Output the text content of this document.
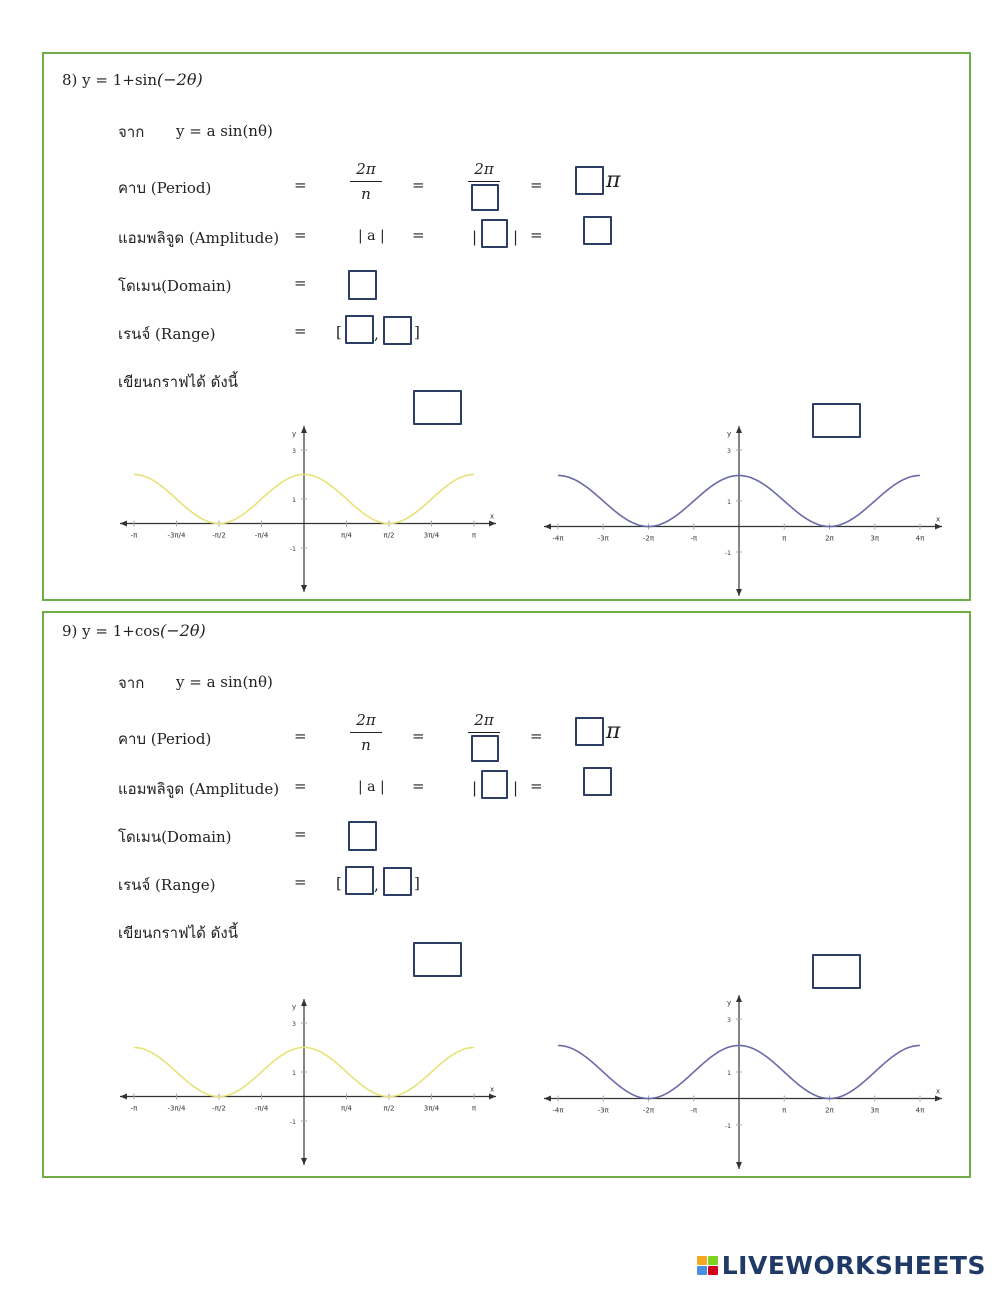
8) y = 1+sin(−2θ)
จาก y = a sin(nθ)
คาบ (Period)	=
2π
n	=
2π
=	π
แอมพลิจูด (Amplitude) =	| a | =	| | =
โดเมน(Domain)	=
เรนจ์ (Range)	= [ , ]
เขียนกราฟได้ ดังนี้
x
y
-π	-3π/4	-π/2	-π/4	π/4	π/2	3π/4	π
3
1
-1
x
y
-4π	-3π	-2π	-π	π	2π	3π	4π
3
1
-1
9) y = 1+cos(−2θ)
จาก y = a sin(nθ)
คาบ (Period)	=
2π
n	=
2π
=	π
แอมพลิจูด (Amplitude) =	| a | =	| | =
โดเมน(Domain)	=
เรนจ์ (Range)	= [ , ]
เขียนกราฟได้ ดังนี้
x
y
-π	-3π/4	-π/2	-π/4	π/4	π/2	3π/4	π
3
1
-1
x
y
-4π	-3π	-2π	-π	π	2π	3π	4π
3
1
-1
LIVEWORKSHEETS
